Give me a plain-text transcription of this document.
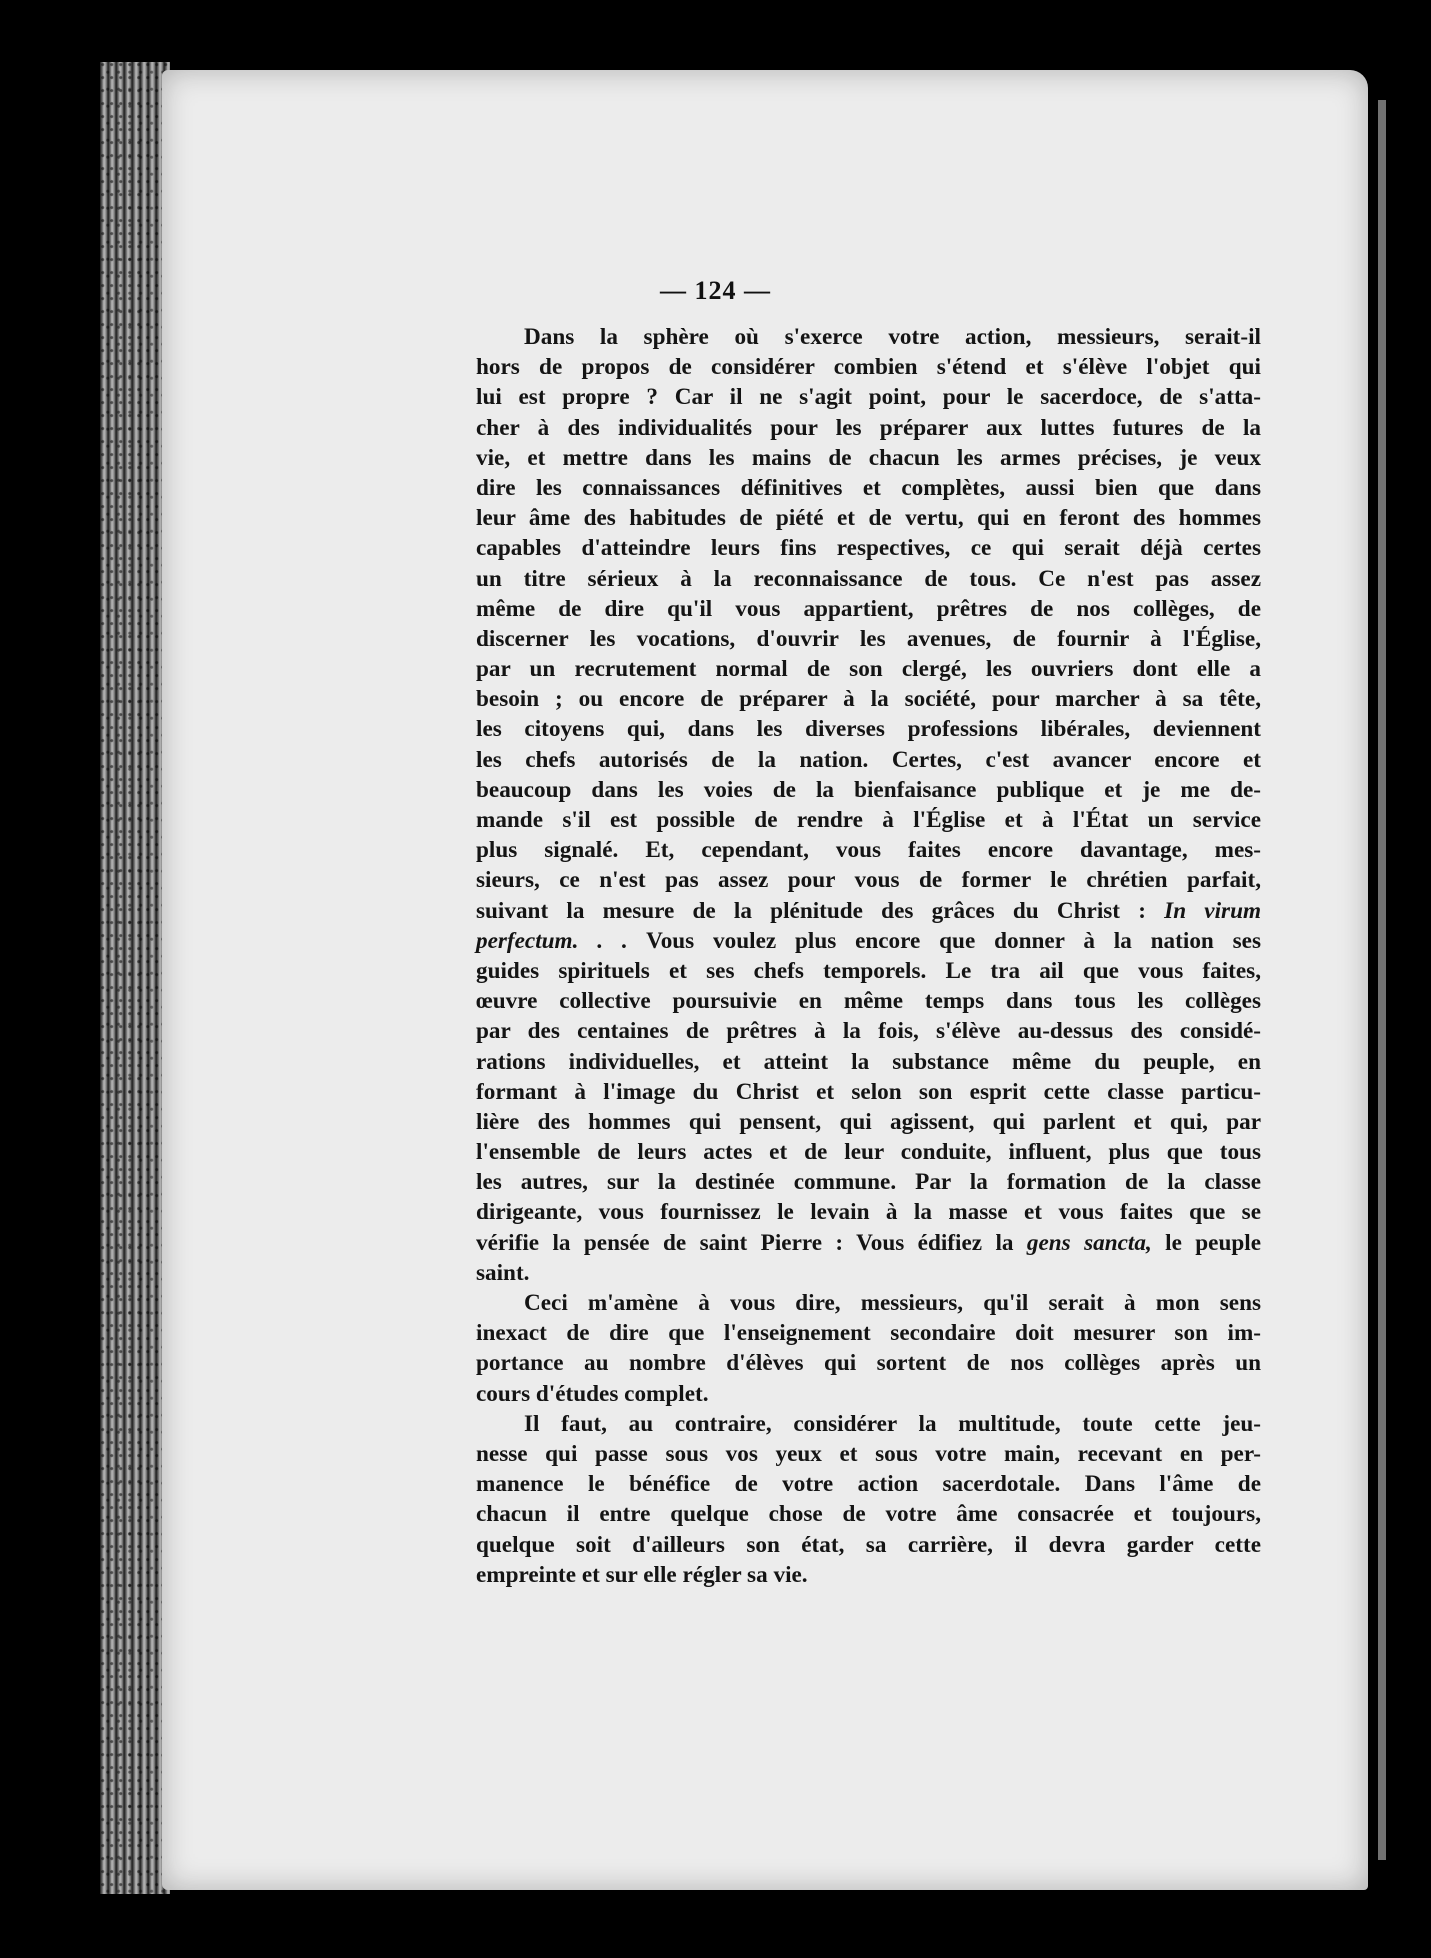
— 124 —
Dans la sphère où s'exerce votre action, messieurs, serait-il
hors de propos de considérer combien s'étend et s'élève l'objet qui
lui est propre ? Car il ne s'agit point, pour le sacerdoce, de s'atta-
cher à des individualités pour les préparer aux luttes futures de la
vie, et mettre dans les mains de chacun les armes précises, je veux
dire les connaissances définitives et complètes, aussi bien que dans
leur âme des habitudes de piété et de vertu, qui en feront des hommes
capables d'atteindre leurs fins respectives, ce qui serait déjà certes
un titre sérieux à la reconnaissance de tous. Ce n'est pas assez
même de dire qu'il vous appartient, prêtres de nos collèges, de
discerner les vocations, d'ouvrir les avenues, de fournir à l'Église,
par un recrutement normal de son clergé, les ouvriers dont elle a
besoin ; ou encore de préparer à la société, pour marcher à sa tête,
les citoyens qui, dans les diverses professions libérales, deviennent
les chefs autorisés de la nation. Certes, c'est avancer encore et
beaucoup dans les voies de la bienfaisance publique et je me de-
mande s'il est possible de rendre à l'Église et à l'État un service
plus signalé. Et, cependant, vous faites encore davantage, mes-
sieurs, ce n'est pas assez pour vous de former le chrétien parfait,
suivant la mesure de la plénitude des grâces du Christ : In virum
perfectum. . . Vous voulez plus encore que donner à la nation ses
guides spirituels et ses chefs temporels. Le tra ail que vous faites,
œuvre collective poursuivie en même temps dans tous les collèges
par des centaines de prêtres à la fois, s'élève au-dessus des considé-
rations individuelles, et atteint la substance même du peuple, en
formant à l'image du Christ et selon son esprit cette classe particu-
lière des hommes qui pensent, qui agissent, qui parlent et qui, par
l'ensemble de leurs actes et de leur conduite, influent, plus que tous
les autres, sur la destinée commune. Par la formation de la classe
dirigeante, vous fournissez le levain à la masse et vous faites que se
vérifie la pensée de saint Pierre : Vous édifiez la gens sancta, le peuple
saint.
Ceci m'amène à vous dire, messieurs, qu'il serait à mon sens
inexact de dire que l'enseignement secondaire doit mesurer son im-
portance au nombre d'élèves qui sortent de nos collèges après un
cours d'études complet.
Il faut, au contraire, considérer la multitude, toute cette jeu-
nesse qui passe sous vos yeux et sous votre main, recevant en per-
manence le bénéfice de votre action sacerdotale. Dans l'âme de
chacun il entre quelque chose de votre âme consacrée et toujours,
quelque soit d'ailleurs son état, sa carrière, il devra garder cette
empreinte et sur elle régler sa vie.
